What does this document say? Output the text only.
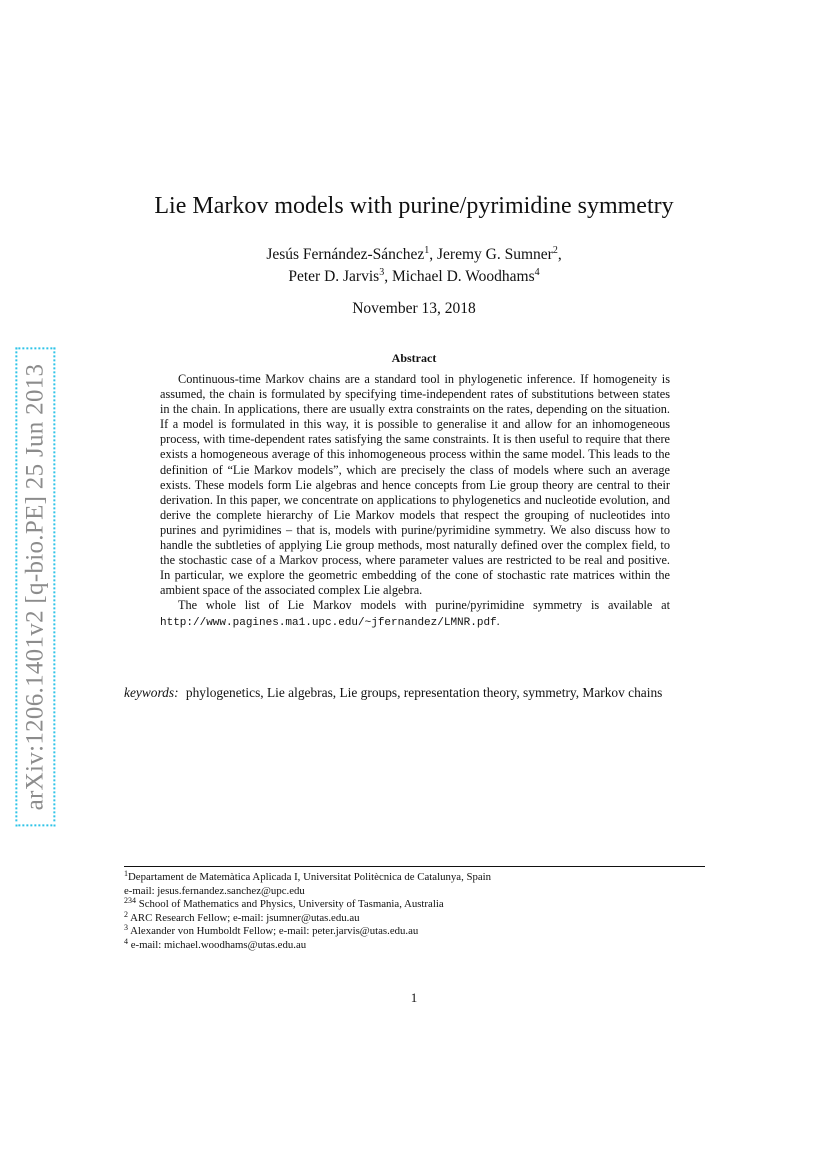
arXiv:1206.1401v2 [q-bio.PE] 25 Jun 2013
Lie Markov models with purine/pyrimidine symmetry
Jesús Fernández-Sánchez$^1$, Jeremy G. Sumner$^2$,
Peter D. Jarvis$^3$, Michael D. Woodhams$^4$
November 13, 2018
Abstract

Continuous-time Markov chains are a standard tool in phylogenetic inference. If homogeneity is assumed, the chain is formulated by specifying time-independent rates of substitutions between states in the chain. In applications, there are usually extra constraints on the rates, depending on the situation. If a model is formulated in this way, it is possible to generalise it and allow for an inhomogeneous process, with time-dependent rates satisfying the same constraints. It is then useful to require that there exists a homogeneous average of this inhomogeneous process within the same model. This leads to the definition of “Lie Markov models”, which are precisely the class of models where such an average exists. These models form Lie algebras and hence concepts from Lie group theory are central to their derivation. In this paper, we concentrate on applications to phylogenetics and nucleotide evolution, and derive the complete hierarchy of Lie Markov models that respect the grouping of nucleotides into purines and pyrimidines – that is, models with purine/pyrimidine symmetry. We also discuss how to handle the subtleties of applying Lie group methods, most naturally defined over the complex field, to the stochastic case of a Markov process, where parameter values are restricted to be real and positive. In particular, we explore the geometric embedding of the cone of stochastic rate matrices within the ambient space of the associated complex Lie algebra.

The whole list of Lie Markov models with purine/pyrimidine symmetry is available at http://www.pagines.ma1.upc.edu/~jfernandez/LMNR.pdf.

keywords: phylogenetics, Lie algebras, Lie groups, representation theory, symmetry, Markov chains
$^1$Departament de Matemàtica Aplicada I, Universitat Politècnica de Catalunya, Spain
e-mail: jesus.fernandez.sanchez@upc.edu
$^{234}$ School of Mathematics and Physics, University of Tasmania, Australia
$^2$ ARC Research Fellow; e-mail: jsumner@utas.edu.au
$^3$ Alexander von Humboldt Fellow; e-mail: peter.jarvis@utas.edu.au
$^4$ e-mail: michael.woodhams@utas.edu.au
1
